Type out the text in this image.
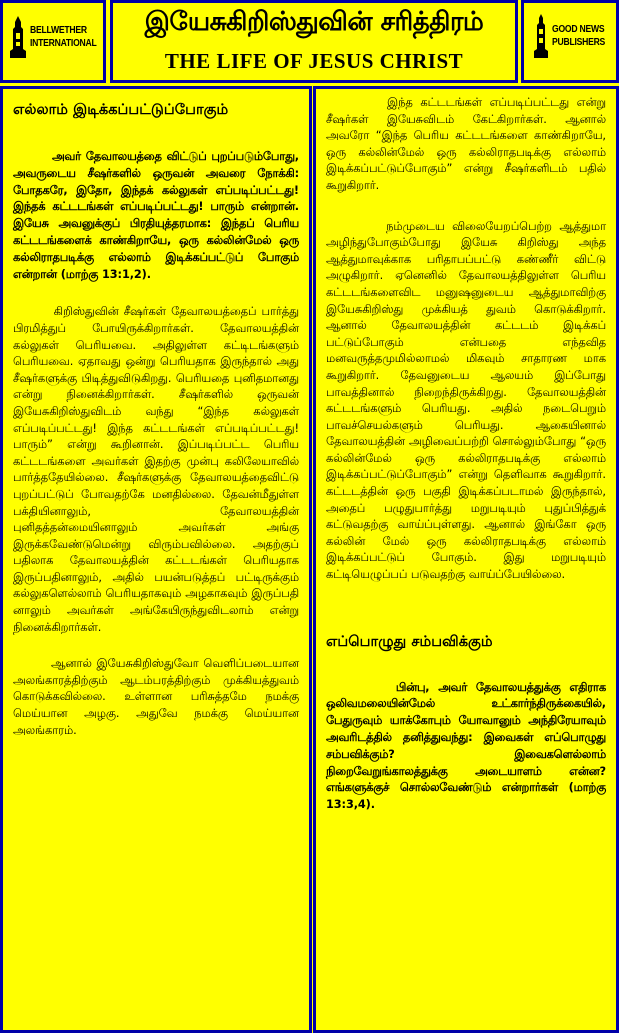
BELLWETHER
INTERNATIONAL
இயேசுகிறிஸ்துவின் சரித்திரம்
THE LIFE OF JESUS CHRIST
GOOD NEWS
PUBLISHERS
எல்லாம் இடிக்கப்பட்டுப்போகும்

அவர் தேவாலயத்தை விட்டுப் புறப்படும்போது, அவருடைய சீஷர்களில் ஒருவன் அவரை நோக்கி: போதகரே, இதோ, இந்தக் கல்லுகள் எப்படிப்பட்டது! இந்தக் கட்டடங்கள் எப்படிப்பட்டது! பாரும் என்றான். இயேசு அவனுக்குப் பிரதியுத்தரமாக: இந்தப் பெரிய கட்டடங்களைக் காண்கிறாயே, ஒரு கல்லின்மேல் ஒரு கல்லிராதபடிக்கு எல்லாம் இடிக்கப்பட்டுப் போகும் என்றான் (மாற்கு 13:1,2).

கிறிஸ்துவின் சீஷர்கள் தேவாலயத்தைப் பார்த்து பிரமித்துப் போயிருக்கிறார்கள். தேவாலயத்தின் கல்லுகள் பெரியவை. அதிலுள்ள கட்டிடங்களும் பெரியவை. ஏதாவது ஒன்று பெரியதாக இருந்தால் அது சீஷர்களுக்கு பிடித்துவிடுகிறது. பெரியதை புனிதமானது என்று நினைக்கிறார்கள். சீஷர்களில் ஒருவன் இயேசுகிறிஸ்துவிடம் வந்து “இந்த கல்லுகள் எப்படிப்பட்டது! இந்த கட்டடங்கள் எப்படிப்பட்டது! பாரும்” என்று கூறினான். இப்படிப்பட்ட பெரிய கட்டடங்களை அவர்கள் இதற்கு முன்பு கலிலேயாவில் பார்த்ததேயில்லை. சீஷர்களுக்கு தேவாலயத்தைவிட்டு புறப்பட்டுப் போவதற்கே மனதில்லை. தேவன்மீதுள்ள பக்தியினாலும், தேவாலயத்தின் புனிதத்தன்மையினாலும் அவர்கள் அங்கு இருக்கவேண்டுமென்று விரும்பவில்லை. அதற்குப் பதிலாக தேவாலயத்தின் கட்டடங்கள் பெரியதாக இருப்பதினாலும், அதில் பயன்படுத்தப் பட்டிருக்கும் கல்லுகளெல்லாம் பெரியதாகவும் அழகாகவும் இருப்பதி னாலும் அவர்கள் அங்கேயிருந்துவிடலாம் என்று நினைக்கிறார்கள்.

ஆனால் இயேசுகிறிஸ்துவோ வெளிப்படையான அலங்காரத்திற்கும் ஆடம்பரத்திற்கும் முக்கியத்துவம் கொடுக்கவில்லை. உள்ளான பரிசுத்தமே நமக்கு மெய்யான அழகு. அதுவே நமக்கு மெய்யான அலங்காரம்.

இந்த கட்டடங்கள் எப்படிப்பட்டது என்று சீஷர்கள் இயேசுவிடம் கேட்கிறார்கள். ஆனால் அவரோ “இந்த பெரிய கட்டடங்களை காண்கிறாயே, ஒரு கல்லின்மேல் ஒரு கல்லிராதபடிக்கு எல்லாம் இடிக்கப்பட்டுப்போகும்” என்று சீஷர்களிடம் பதில் கூறுகிறார்.

நம்முடைய விலையேறப்பெற்ற ஆத்துமா அழிந்துபோகும்போது இயேசு கிறிஸ்து அந்த ஆத்துமாவுக்காக பரிதாபப்பட்டு கண்ணீர் விட்டு அழுகிறார். ஏனெனில் தேவாலயத்திலுள்ள பெரிய கட்டடங்களைவிட மனுஷனுடைய ஆத்துமாவிற்கு இயேசுகிறிஸ்து முக்கியத் துவம் கொடுக்கிறார். ஆனால் தேவாலயத்தின் கட்டடம் இடிக்கப் பட்டுப்போகும் என்பதை எந்தவித மனவருத்தமுமில்லாமல் மிகவும் சாதாரண மாக கூறுகிறார். தேவனுடைய ஆலயம் இப்போது பாவத்தினால் நிறைந்திருக்கிறது. தேவாலயத்தின் கட்டடங்களும் பெரியது. அதில் நடைபெறும் பாவச்செயல்களும் பெரியது. ஆகையினால் தேவாலயத்தின் அழிவைப்பற்றி சொல்லும்போது “ஒரு கல்லின்மேல் ஒரு கல்லிராதபடிக்கு எல்லாம் இடிக்கப்பட்டுப்போகும்” என்று தெளிவாக கூறுகிறார். கட்டடத்தின் ஒரு பகுதி இடிக்கப்படாமல் இருந்தால், அதைப் பழுதுபார்த்து மறுபடியும் புதுப்பித்துக் கட்டுவதற்கு வாய்ப்புள்ளது. ஆனால் இங்கோ ஒரு கல்லின் மேல் ஒரு கல்லிராதபடிக்கு எல்லாம் இடிக்கப்பட்டுப் போகும். இது மறுபடியும் கட்டியெழுப்பப் படுவதற்கு வாய்ப்பேயில்லை.

எப்பொழுது சம்பவிக்கும்

பின்பு, அவர் தேவாலயத்துக்கு எதிராக ஒலிவமலையின்மேல் உட்கார்ந்திருக்கையில், பேதுருவும் யாக்கோபும் யோவானும் அந்திரேயாவும் அவரிடத்தில் தனித்துவந்து: இவைகள் எப்பொழுது சம்பவிக்கும்? இவைகளெல்லாம் நிறைவேறுங்காலத்துக்கு அடையாளம் என்ன? எங்களுக்குச் சொல்லவேண்டும் என்றார்கள் (மாற்கு 13:3,4).
